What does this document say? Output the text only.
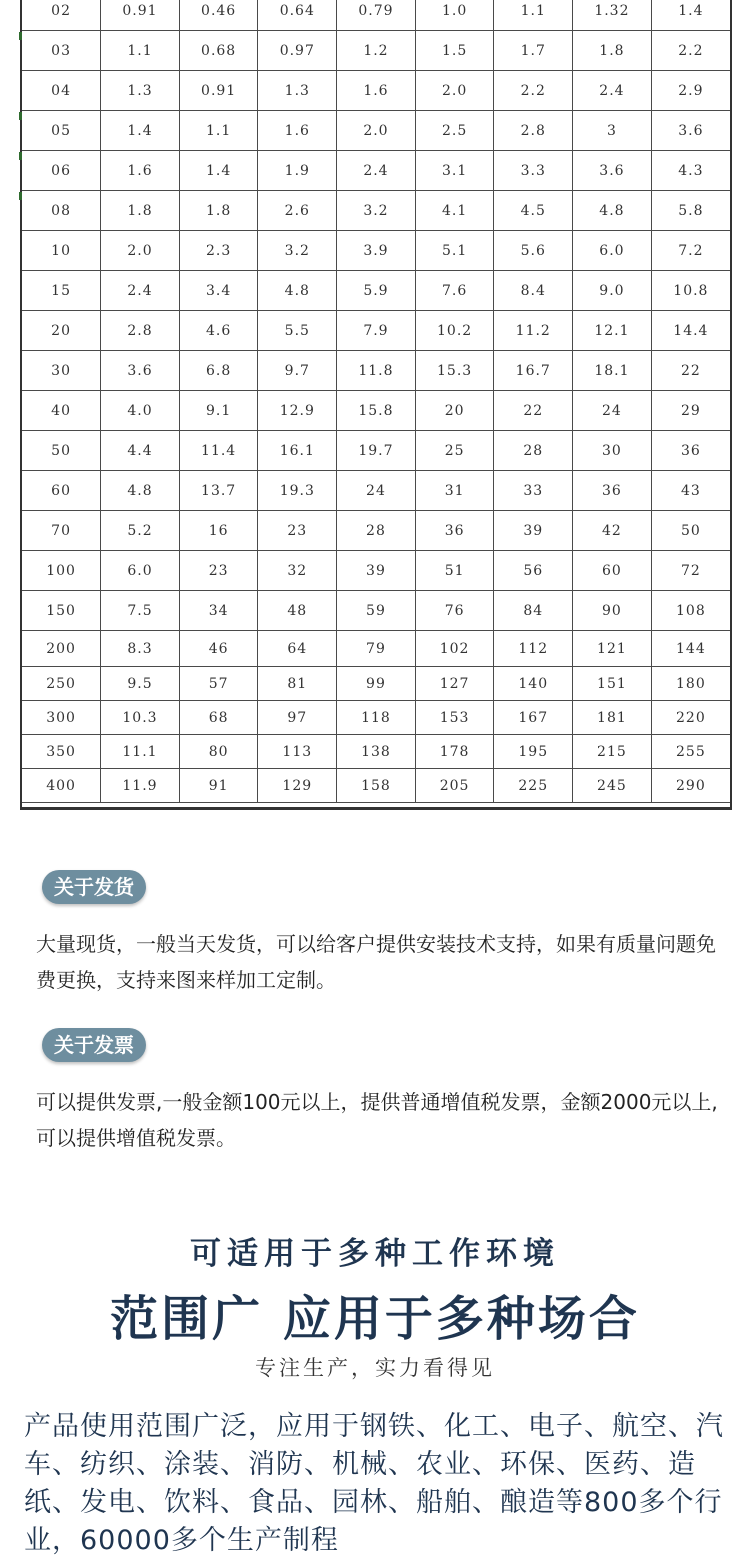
02	0.91	0.46	0.64	0.79	1.0	1.1	1.32	1.4
03	1.1	0.68	0.97	1.2	1.5	1.7	1.8	2.2
04	1.3	0.91	1.3	1.6	2.0	2.2	2.4	2.9
05	1.4	1.1	1.6	2.0	2.5	2.8	3	3.6
06	1.6	1.4	1.9	2.4	3.1	3.3	3.6	4.3
08	1.8	1.8	2.6	3.2	4.1	4.5	4.8	5.8
10	2.0	2.3	3.2	3.9	5.1	5.6	6.0	7.2
15	2.4	3.4	4.8	5.9	7.6	8.4	9.0	10.8
20	2.8	4.6	5.5	7.9	10.2	11.2	12.1	14.4
30	3.6	6.8	9.7	11.8	15.3	16.7	18.1	22
40	4.0	9.1	12.9	15.8	20	22	24	29
50	4.4	11.4	16.1	19.7	25	28	30	36
60	4.8	13.7	19.3	24	31	33	36	43
70	5.2	16	23	28	36	39	42	50
100	6.0	23	32	39	51	56	60	72
150	7.5	34	48	59	76	84	90	108
200	8.3	46	64	79	102	112	121	144
250	9.5	57	81	99	127	140	151	180
300	10.3	68	97	118	153	167	181	220
350	11.1	80	113	138	178	195	215	255
400	11.9	91	129	158	205	225	245	290
关于发货
大量现货，一般当天发货，可以给客户提供安装技术支持，如果有质量问题免费更换，支持来图来样加工定制。
关于发票
可以提供发票,一般金额100元以上，提供普通增值税发票，金额2000元以上,可以提供增值税发票。
可适用于多种工作环境
范围广 应用于多种场合
专注生产，实力看得见
产品使用范围广泛，应用于钢铁、化工、电子、航空、汽车、纺织、涂装、消防、机械、农业、环保、医药、造纸、发电、饮料、食品、园林、船舶、酿造等800多个行业，60000多个生产制程
